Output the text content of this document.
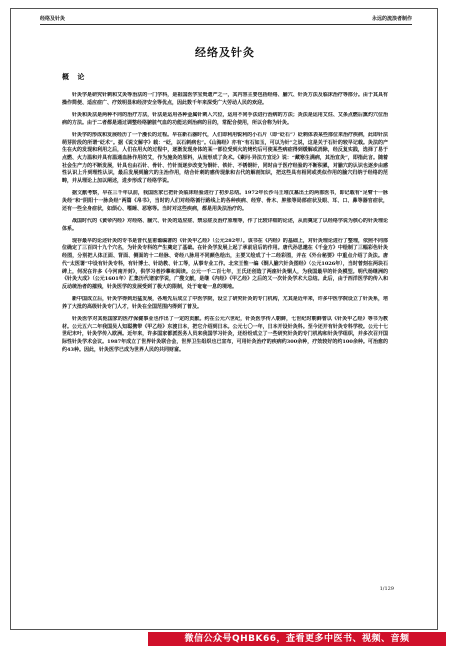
经络及针灸	永远的流浪者制作
经络及针灸
概 论

针灸学是研究针刺和艾灸等治法的一门学科，是祖国医学宝贵遗产之一，其内容主要包括经络、腧穴、针灸方法及临床治疗等部分。由于其具有操作简便、适应症广、疗效明显和经济安全等优点，因此数千年来深受广大劳动人民的欢迎。

针灸和灸法是两种不同的治疗方法，针法是运用各种金属针刺入穴位，运用不同手法进行治病的方法；灸法是运用艾炷、艾条点燃后熏灼穴位治病的方法。由于二者都是通过调整经络腑脏气血的功能达到治病的目的，常配合使用，所以合称为针灸。

针灸学的形成和发展经历了一个漫长的过程。早在新石器时代，人们即利用锐利的小石片（即“砭石”）砭刺体表某些部位来治疗疾病，此即针法萌芽阶段的所谓“砭术”。据《说文解字》载：“砭，以石刺病也”。《山海经》亦有“有石如玉，可以为针”之说，这是关于石针的较早记载。灸法的产生在火的发现和利用之后，人们在用火的过程中，逐渐发现身体的某一部位受到火的烤灼后可使某些病症得到缓解或消除，经反复实践，选择了易于点燃、火力温和并具有温通血脉作用的艾，作为施灸的原料，从而形成了灸术。《素问·异法方宜论》说：“藏寒生满病，其治宜灸”，即指此言。随着社会生产力的不断发展，针具也由石针、骨针、竹针而逐步改变为铜针、铁针、不锈钢针，同时由于医疗经验的不断积累，对腧穴的认识也逐步由感性认识上升到理性认识，最后发展到腧穴的主治作用，结合针刺的感传现象和古代的解剖知识，把这些具有相同或类似作用的腧穴归纳于经络的范畴，并从理论上加以阐述，进步形成了经络学说。

据文献考察，早在三千年以前，我国医家已把针灸临床经验进行了初步总结。1972年长沙马王堆汉墓出土的两部医书，即记载有“足臂十一脉灸经”和“阴阳十一脉灸经”两篇《帛书》，当时的人们对经络循行路线上的各种疾病、经穿、骨木、肿胀等局部症状及眼、耳、口、鼻等器官症状，还有一些全身症状，如烦心、嗜睡、恶寒等。当时对这些疾病，都是用灸法治疗的。

战国时代的《黄帝内经》对经络、腧穴、针灸的适应症、禁忌症及治疗原理等，作了比较详细的论述，从而奠定了以经络学说为核心的针灸理论体系。

现存最早的论述针灸的专书是晋代皇甫谧编著的《针灸甲乙经》（公元282年）。该书在《内经》的基础上，对针灸理论进行了整理，依照不同部位确定了三百四十九个穴名，为针灸专科的产生奠定了基础。在针灸学发展上起了承前启后的作用。唐代孙思邈在《千金方》中绘制了三幅彩色针灸经图，分别把人体正面、背面、侧面的十二经脉、奇经八脉用不同颜色绘出，主要又绘成了十二经彩图，并在《外台秘要》中重点介绍了灸法。唐代“太医署”中设有针灸专科，有针博士、针助教、针工等，从事专业工作。北宋王惟一编《铜人腧穴针灸图经》（公元1026年），当时曾刻在两块石碑上，何况在许多《今河南开封》，供学习者抄摹和阅读。公元一千二百七年，王氏还创造了两座针灸铜人，为我国最早的针灸模型。明代杨继洲的《针灸大成》（公元1601年）汇集历代诸家学说，广搜文献，是继《内经》《甲乙经》之后的又一次针灸学术大总结。此后，由于西洋医学的传入和反动统治者的摧残，针灸医学的发展受到了极大的限制，处于奄奄一息的境地。

新中国成立后，针灸学得到迅猛发展，各地先后成立了中医学院，设立了研究针灸的专门机构，尤其是近年来，许多中医学院设立了针灸系，培养了大批的高级针灸专门人才，针灸在全国范围内得到了普及。

针灸医学对其他国家的医疗保健事业也作出了一定的贡献。约在公元六世纪，针灸医学传入朝鲜，七世纪时朝鲜曾以《针灸甲乙经》等书为教材。公元五六二年我国吴人知聪携带《甲乙经》东渡日本，把它介绍到日本。公元七〇一年，日本开设针灸科。至今还开有针灸专科学校。公元十七世纪末叶，针灸学传入欧洲。近年来，许多国家都派医务人员来我国学习针灸，还纷纷成立了一些研究针灸的专门机构和针灸学组织，并多次召开国际性针灸学术会议。1987年成立了世界针灸联合会，世界卫生组织也已宣布，可用针灸治疗的疾病约300余种，疗效较好的约100余种。可治愈的约43种。因此，针灸医学已成为世界人民的共同财富。

1/129
微信公众号QHBK66，查看更多中医书、视频、音频
